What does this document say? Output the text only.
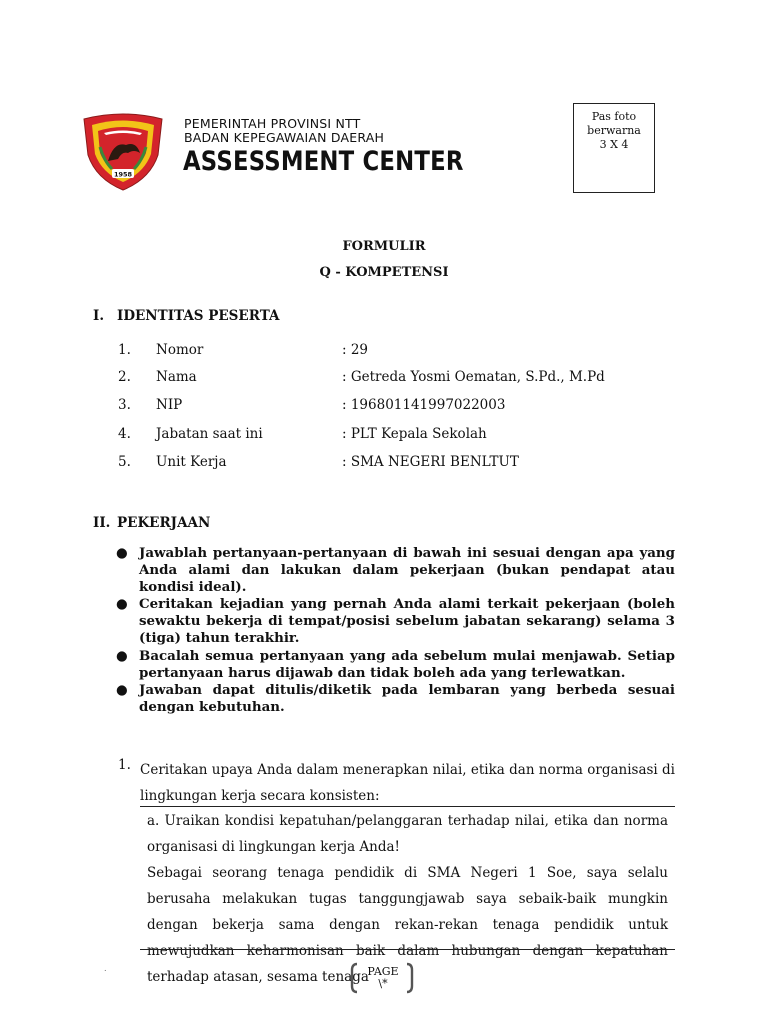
1958
PEMERINTAH PROVINSI NTT
BADAN KEPEGAWAIAN DAERAH
ASSESSMENT CENTER
Pas foto
berwarna
3 X 4
FORMULIR
Q - KOMPETENSI
I. IDENTITAS PESERTA
1.	Nomor	: 29
2.	Nama	: Getreda Yosmi Oematan, S.Pd., M.Pd
3.	NIP	: 196801141997022003
4.	Jabatan saat ini	: PLT Kepala Sekolah
5.	Unit Kerja	: SMA NEGERI BENLTUT
II. PEKERJAAN
● Jawablah pertanyaan-pertanyaan di bawah ini sesuai dengan apa yang Anda alami dan lakukan dalam pekerjaan (bukan pendapat atau kondisi ideal).
● Ceritakan kejadian yang pernah Anda alami terkait pekerjaan (boleh sewaktu bekerja di tempat/posisi sebelum jabatan sekarang) selama 3 (tiga) tahun terakhir.
● Bacalah semua pertanyaan yang ada sebelum mulai menjawab. Setiap pertanyaan harus dijawab dan tidak boleh ada yang terlewatkan.
● Jawaban dapat ditulis/diketik pada lembaran yang berbeda sesuai dengan kebutuhan.
1. Ceritakan upaya Anda dalam menerapkan nilai, etika dan norma organisasi di lingkungan kerja secara konsisten:
a. Uraikan kondisi kepatuhan/pelanggaran terhadap nilai, etika dan norma organisasi di lingkungan kerja Anda!
Sebagai seorang tenaga pendidik di SMA Negeri 1 Soe, saya selalu berusaha melakukan tugas tanggungjawab saya sebaik-baik mungkin dengan bekerja sama dengan rekan-rekan tenaga pendidik untuk mewujudkan keharmonisan baik dalam hubungan dengan kepatuhan terhadap atasan, sesama tenaga
.	PAGE
\*
